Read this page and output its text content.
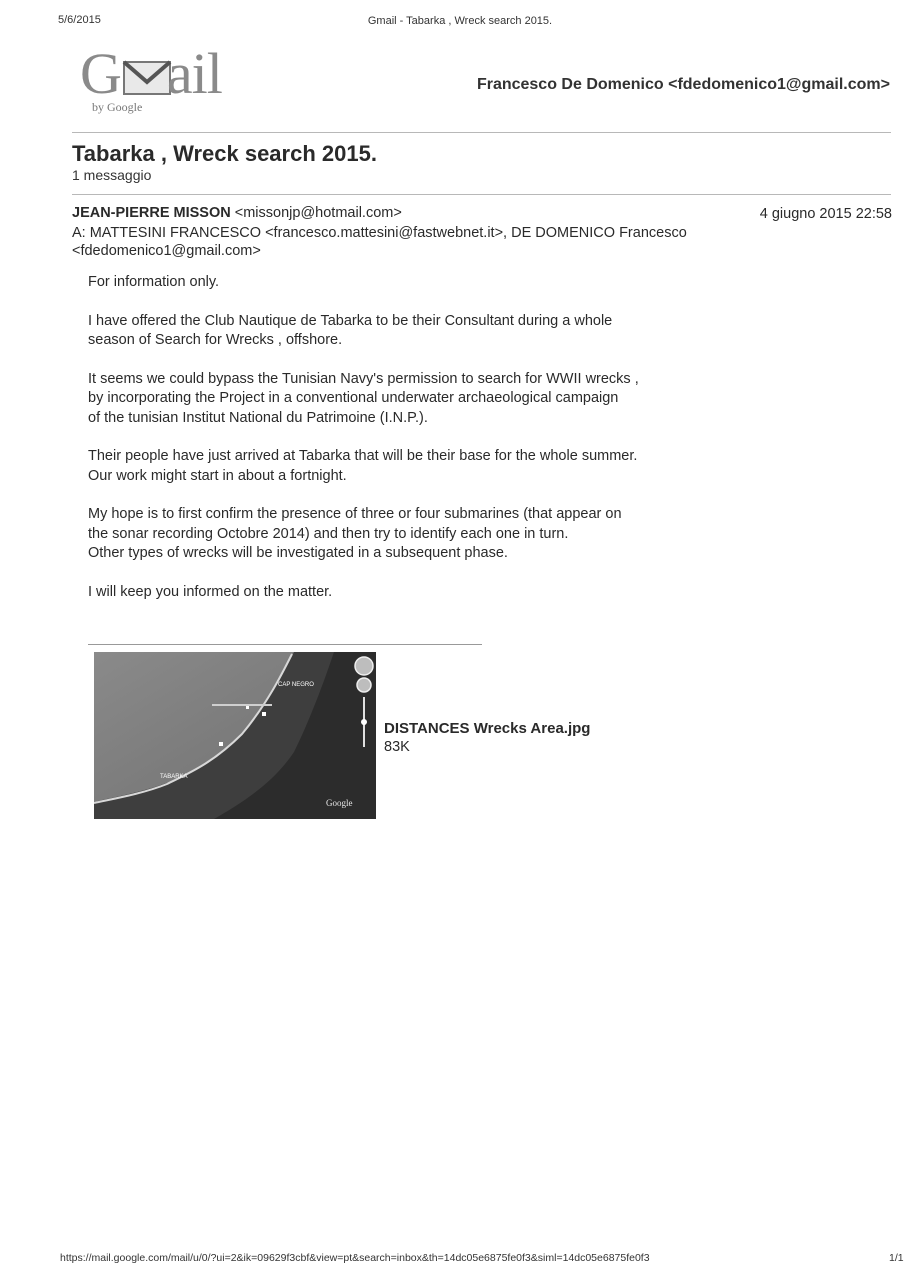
5/6/2015	Gmail - Tabarka , Wreck search 2015.
G ail
by Google
Francesco De Domenico <fdedomenico1@gmail.com>
Tabarka , Wreck search 2015.
1 messaggio
JEAN-PIERRE MISSON <missonjp@hotmail.com>	4 giugno 2015 22:58
A: MATTESINI FRANCESCO <francesco.mattesini@fastwebnet.it>, DE DOMENICO Francesco
<fdedomenico1@gmail.com>

For information only.

I have offered the Club Nautique de Tabarka to be their Consultant during a whole
season of Search for Wrecks , offshore.

It seems we could bypass the Tunisian Navy's permission to search for WWII wrecks ,
by incorporating the Project in a conventional underwater archaeological campaign
of the tunisian Institut National du Patrimoine (I.N.P.).

Their people have just arrived at Tabarka that will be their base for the whole summer.
Our work might start in about a fortnight.

My hope is to first confirm the presence of three or four submarines (that appear on
the sonar recording Octobre 2014) and then try to identify each one in turn.
Other types of wrecks will be investigated in a subsequent phase.

I will keep you informed on the matter.

CAP NEGRO
TABARKA
Google
DISTANCES Wrecks Area.jpg
83K
https://mail.google.com/mail/u/0/?ui=2&ik=09629f3cbf&view=pt&search=inbox&th=14dc05e6875fe0f3&siml=14dc05e6875fe0f3	1/1
